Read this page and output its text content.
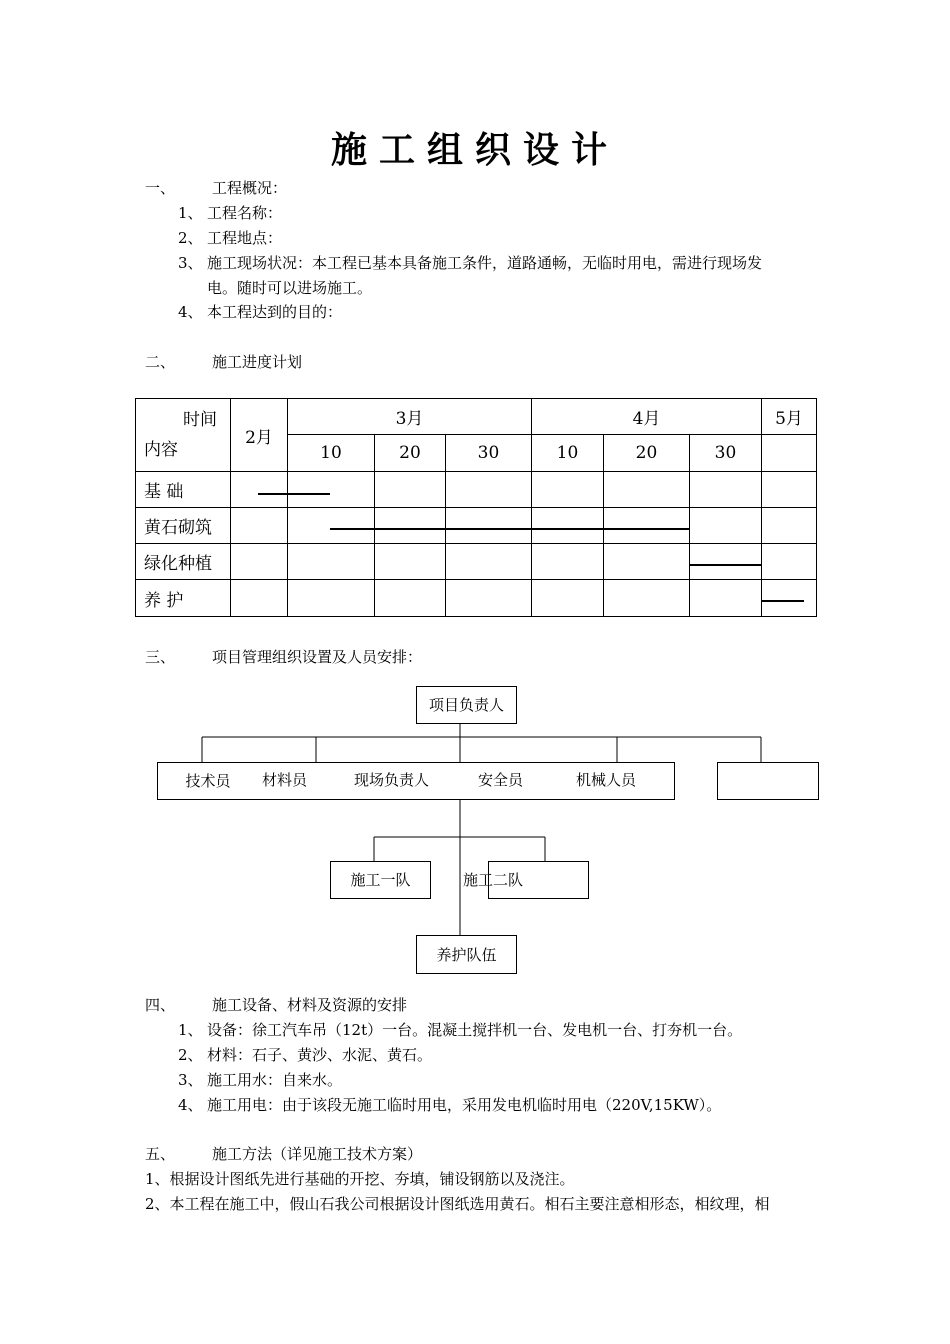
施工组织设计
一、 工程概况：
1、 工程名称：
2、 工程地点：
3、 施工现场状况：本工程已基本具备施工条件，道路通畅，无临时用电，需进行现场发
电。随时可以进场施工。
4、 本工程达到的目的：
二、 施工进度计划
时间
内容	2月	3月			4月			5月
		10	20	30	10	20	30	
基 础								
黄石砌筑								
绿化种植								
养 护								
三、 项目管理组织设置及人员安排：
项目负责人
技术员	材料员	现场负责人	安全员	机械人员
施工一队	施工二队
养护队伍
四、 施工设备、材料及资源的安排
1、 设备：徐工汽车吊（12t）一台。混凝土搅拌机一台、发电机一台、打夯机一台。
2、 材料：石子、黄沙、水泥、黄石。
3、 施工用水：自来水。
4、 施工用电：由于该段无施工临时用电，采用发电机临时用电（220V,15KW）。
五、 施工方法（详见施工技术方案）
1、根据设计图纸先进行基础的开挖、夯填，铺设钢筋以及浇注。
2、本工程在施工中，假山石我公司根据设计图纸选用黄石。相石主要注意相形态，相纹理，相
